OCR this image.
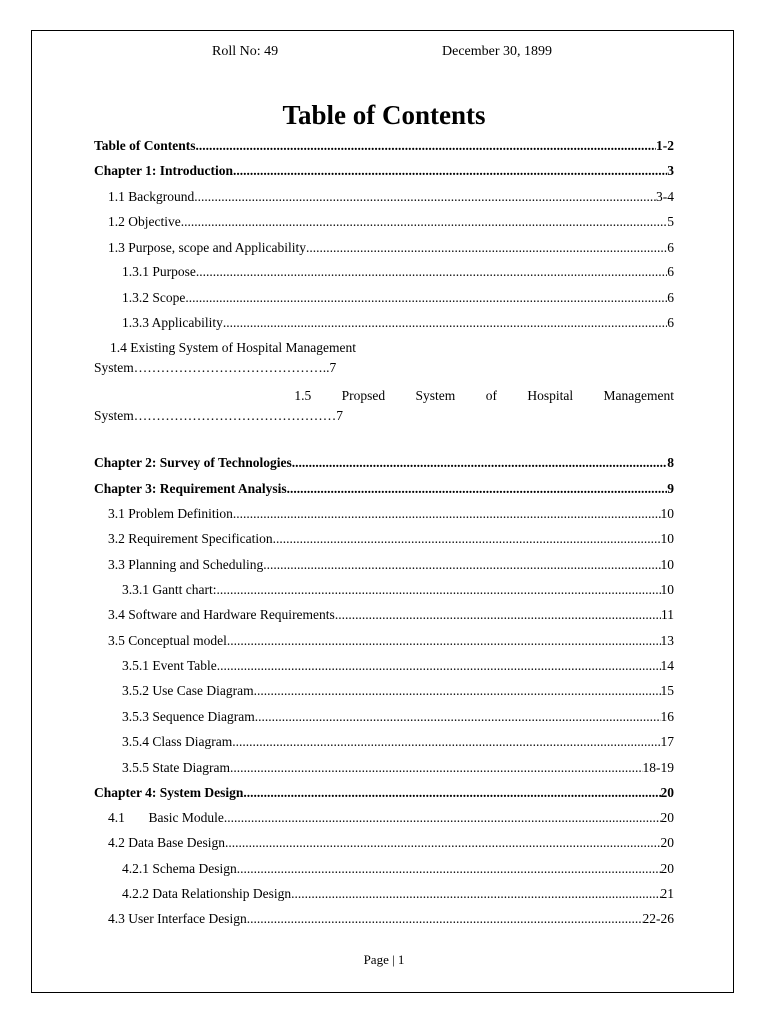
Roll No: 49	December 30, 1899
Table of Contents
Table of Contents .....	1-2
Chapter 1: Introduction .....	3
1.1 Background .....	3-4
1.2 Objective .....	5
1.3 Purpose, scope and Applicability .....	6
1.3.1 Purpose .....	6
1.3.2 Scope .....	6
1.3.3 Applicability .....	6
1.4 Existing System of Hospital Management
System……………………………………..7
1.5 Propsed System of Hospital Management
System………………………………………7
Chapter 2: Survey of Technologies .....	8
Chapter 3: Requirement Analysis .....	9
3.1 Problem Definition .....	10
3.2 Requirement Specification .....	10
3.3 Planning and Scheduling .....	10
3.3.1 Gantt chart: .....	10
3.4 Software and Hardware Requirements .....	11
3.5 Conceptual model .....	13
3.5.1 Event Table .....	14
3.5.2 Use Case Diagram .....	15
3.5.3 Sequence Diagram .....	16
3.5.4 Class Diagram .....	17
3.5.5 State Diagram .....	18-19
Chapter 4: System Design .....	20
4.1       Basic Module .....	20
4.2 Data Base Design .....	20
4.2.1 Schema Design .....	20
4.2.2 Data Relationship Design .....	21
4.3 User Interface Design .....	22-26
Page | 1
